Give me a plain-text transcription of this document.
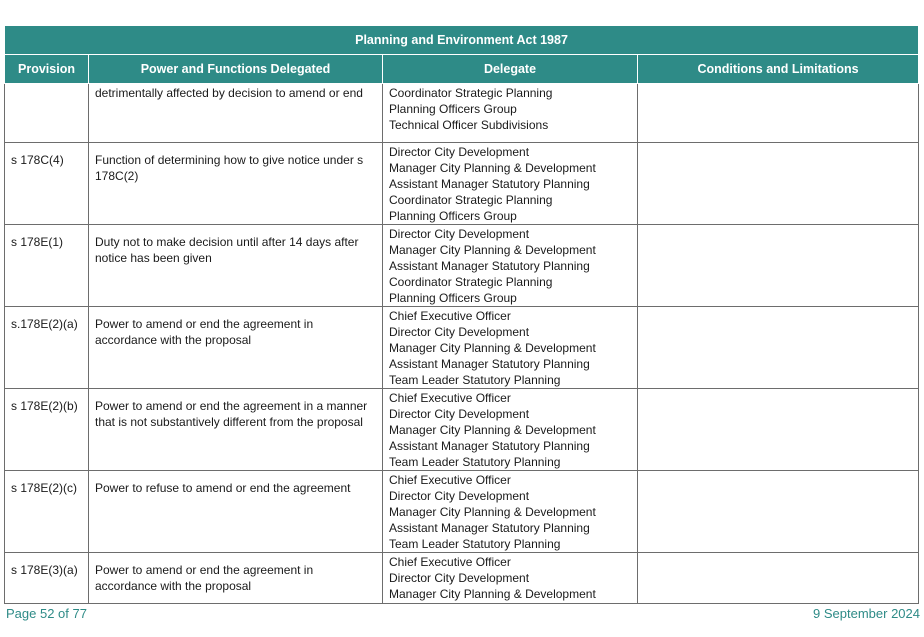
Planning and Environment Act 1987			
Provision	Power and Functions Delegated	Delegate	Conditions and Limitations
	detrimentally affected by decision to amend or end	Coordinator Strategic Planning
Planning Officers Group
Technical Officer Subdivisions	

s 178C(4)	Function of determining how to give notice under s 178C(2)	Director City Development
Manager City Planning & Development
Assistant Manager Statutory Planning
Coordinator Strategic Planning
Planning Officers Group	

s 178E(1)	Duty not to make decision until after 14 days after notice has been given	Director City Development
Manager City Planning & Development
Assistant Manager Statutory Planning
Coordinator Strategic Planning
Planning Officers Group	

s.178E(2)(a)	Power to amend or end the agreement in accordance with the proposal	Chief Executive Officer
Director City Development
Manager City Planning & Development
Assistant Manager Statutory Planning
Team Leader Statutory Planning	

s 178E(2)(b)	Power to amend or end the agreement in a manner that is not substantively different from the proposal	Chief Executive Officer
Director City Development
Manager City Planning & Development
Assistant Manager Statutory Planning
Team Leader Statutory Planning	

s 178E(2)(c)	Power to refuse to amend or end the agreement	Chief Executive Officer
Director City Development
Manager City Planning & Development
Assistant Manager Statutory Planning
Team Leader Statutory Planning	

s 178E(3)(a)	Power to amend or end the agreement in accordance with the proposal	Chief Executive Officer
Director City Development
Manager City Planning & Development	

Page 52 of 77	9 September 2024
